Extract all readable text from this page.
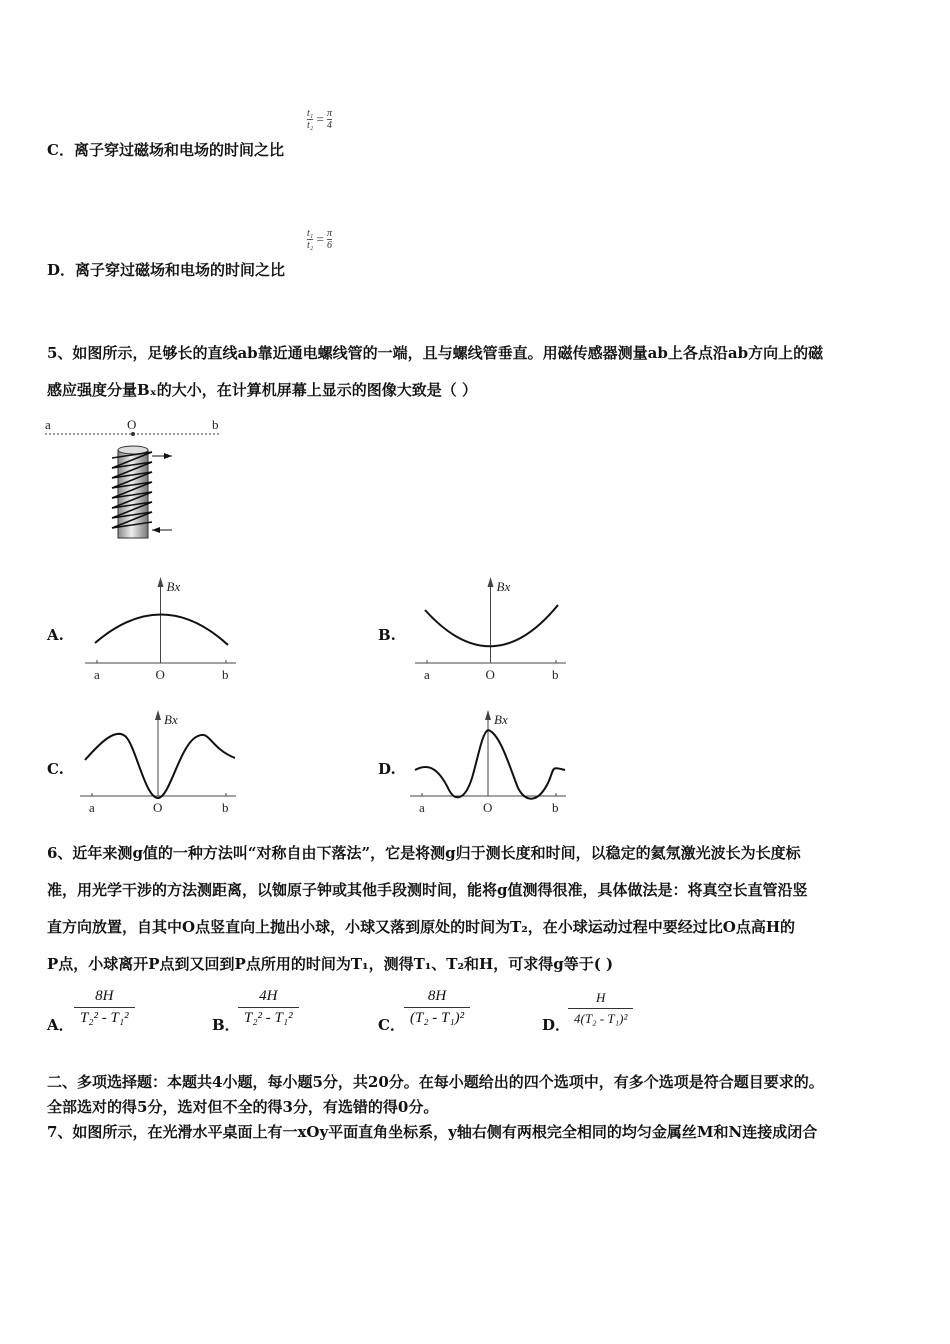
$\frac{\text{t₁}}{\text{t₂}} = \frac{\pi}{4}$
C．离子穿过磁场和电场的时间之比
$\frac{\text{t₁}}{\text{t₂}} = \frac{\pi}{6}$
D．离子穿过磁场和电场的时间之比
5、如图所示，足够长的直线ab靠近通电螺线管的一端，且与螺线管垂直。用磁传感器测量ab上各点沿ab方向上的磁
感应强度分量Bₓ的大小，在计算机屏幕上显示的图像大致是（ ）
a	O	b
A.	B.
C.	D.
Bx
a	O	b
Bx
a	O	b
Bx
a	O	b
Bx
a	O	b
6、近年来测g值的一种方法叫“对称自由下落法”，它是将测g归于测长度和时间，以稳定的氦氖激光波长为长度标
准，用光学干涉的方法测距离，以铷原子钟或其他手段测时间，能将g值测得很准，具体做法是：将真空长直管沿竖
直方向放置，自其中O点竖直向上抛出小球，小球又落到原处的时间为T₂，在小球运动过程中要经过比O点高H的
P点，小球离开P点到又回到P点所用的时间为T₁，测得T₁、T₂和H，可求得g等于( )
A． $\frac{8H}{\text{T₂² - T₁²}}$	B．
$\frac{4H}{\text{T₂² - T₁²}}$	C． $\frac{8H}{\text{(T₂ - T₁)²}}$	D．
$\frac{H}{\text{4(T₂ - T₁)²}}$
二、多项选择题：本题共4小题，每小题5分，共20分。在每小题给出的四个选项中，有多个选项是符合题目要求的。
全部选对的得5分，选对但不全的得3分，有选错的得0分。
7、如图所示，在光滑水平桌面上有一xOy平面直角坐标系，y轴右侧有两根完全相同的均匀金属丝M和N连接成闭合
